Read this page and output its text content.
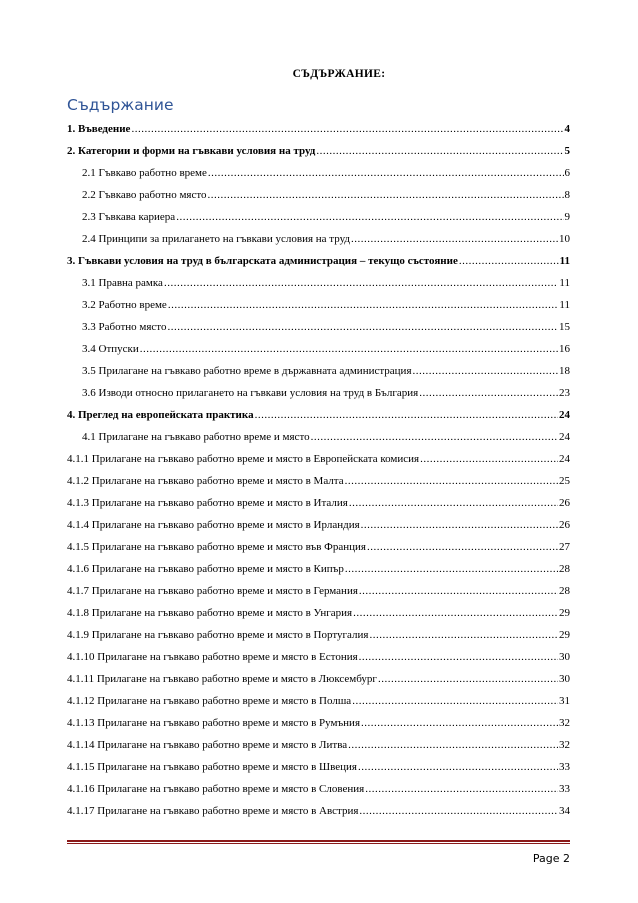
СЪДЪРЖАНИЕ:
Съдържание
1. Въведение .....	4
2. Категории и форми на гъвкави условия на труд .....	5
2.1 Гъвкаво работно време .....	6
2.2 Гъвкаво работно място .....	8
2.3 Гъвкава кариера .....	9
2.4 Принципи за прилагането на гъвкави условия на труд .....	10
3. Гъвкави условия на труд в българската администрация – текущо състояние .....	11
3.1 Правна рамка .....	11
3.2 Работно време .....	11
3.3 Работно място .....	15
3.4 Отпуски .....	16
3.5 Прилагане на гъвкаво работно време в държавната администрация .....	18
3.6 Изводи относно прилагането на гъвкави условия на труд в България .....	23
4. Преглед на европейската практика .....	24
4.1 Прилагане на гъвкаво работно време и място .....	24
4.1.1 Прилагане на гъвкаво работно време и място в Европейската комисия .....	24
4.1.2 Прилагане на гъвкаво работно време и място в Малта .....	25
4.1.3 Прилагане на гъвкаво работно време и място в Италия .....	26
4.1.4 Прилагане на гъвкаво работно време и място в Ирландия .....	26
4.1.5 Прилагане на гъвкаво работно време и място във Франция .....	27
4.1.6 Прилагане на гъвкаво работно време и място в Кипър .....	28
4.1.7 Прилагане на гъвкаво работно време и място в Германия .....	28
4.1.8 Прилагане на гъвкаво работно време и място в Унгария .....	29
4.1.9 Прилагане на гъвкаво работно време и място в Португалия .....	29
4.1.10 Прилагане на гъвкаво работно време и място в Естония .....	30
4.1.11 Прилагане на гъвкаво работно време и място в Люксембург .....	30
4.1.12 Прилагане на гъвкаво работно време и място в Полша .....	31
4.1.13 Прилагане на гъвкаво работно време и място в Румъния .....	32
4.1.14 Прилагане на гъвкаво работно време и място в Литва .....	32
4.1.15 Прилагане на гъвкаво работно време и място в Швеция .....	33
4.1.16 Прилагане на гъвкаво работно време и място в Словения .....	33
4.1.17 Прилагане на гъвкаво работно време и място в Австрия .....	34
Page 2
